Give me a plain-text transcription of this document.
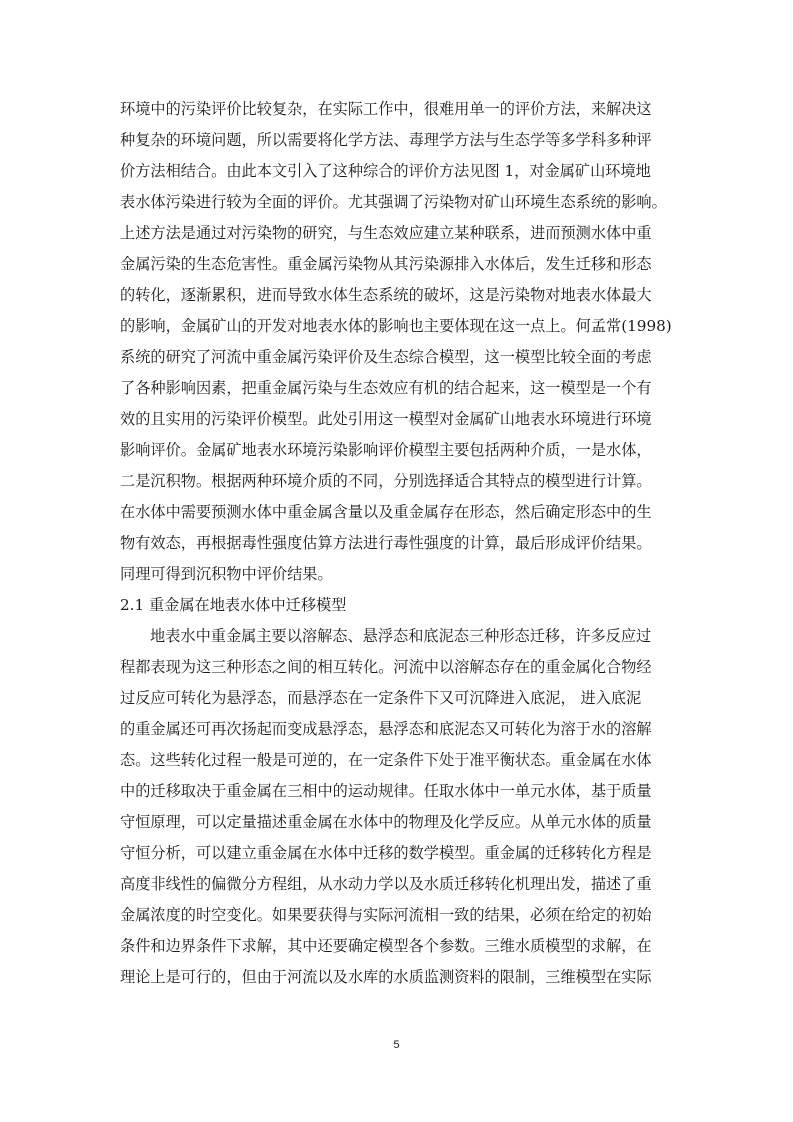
环境中的污染评价比较复杂，在实际工作中，很难用单一的评价方法，来解决这
种复杂的环境问题，所以需要将化学方法、毒理学方法与生态学等多学科多种评
价方法相结合。由此本文引入了这种综合的评价方法见图 1，对金属矿山环境地
表水体污染进行较为全面的评价。尤其强调了污染物对矿山环境生态系统的影响。
上述方法是通过对污染物的研究，与生态效应建立某种联系，进而预测水体中重
金属污染的生态危害性。重金属污染物从其污染源排入水体后，发生迁移和形态
的转化，逐渐累积，进而导致水体生态系统的破坏，这是污染物对地表水体最大
的影响，金属矿山的开发对地表水体的影响也主要体现在这一点上。何孟常(1998)
系统的研究了河流中重金属污染评价及生态综合模型，这一模型比较全面的考虑
了各种影响因素，把重金属污染与生态效应有机的结合起来，这一模型是一个有
效的且实用的污染评价模型。此处引用这一模型对金属矿山地表水环境进行环境
影响评价。金属矿地表水环境污染影响评价模型主要包括两种介质，一是水体，
二是沉积物。根据两种环境介质的不同，分别选择适合其特点的模型进行计算。
在水体中需要预测水体中重金属含量以及重金属存在形态，然后确定形态中的生
物有效态，再根据毒性强度估算方法进行毒性强度的计算，最后形成评价结果。
同理可得到沉积物中评价结果。
2.1 重金属在地表水体中迁移模型
地表水中重金属主要以溶解态、悬浮态和底泥态三种形态迁移，许多反应过
程都表现为这三种形态之间的相互转化。河流中以溶解态存在的重金属化合物经
过反应可转化为悬浮态，而悬浮态在一定条件下又可沉降进入底泥， 进入底泥
的重金属还可再次扬起而变成悬浮态，悬浮态和底泥态又可转化为溶于水的溶解
态。这些转化过程一般是可逆的，在一定条件下处于准平衡状态。重金属在水体
中的迁移取决于重金属在三相中的运动规律。任取水体中一单元水体，基于质量
守恒原理，可以定量描述重金属在水体中的物理及化学反应。从单元水体的质量
守恒分析，可以建立重金属在水体中迁移的数学模型。重金属的迁移转化方程是
高度非线性的偏微分方程组，从水动力学以及水质迁移转化机理出发，描述了重
金属浓度的时空变化。如果要获得与实际河流相一致的结果，必须在给定的初始
条件和边界条件下求解，其中还要确定模型各个参数。三维水质模型的求解，在
理论上是可行的，但由于河流以及水库的水质监测资料的限制，三维模型在实际
5
